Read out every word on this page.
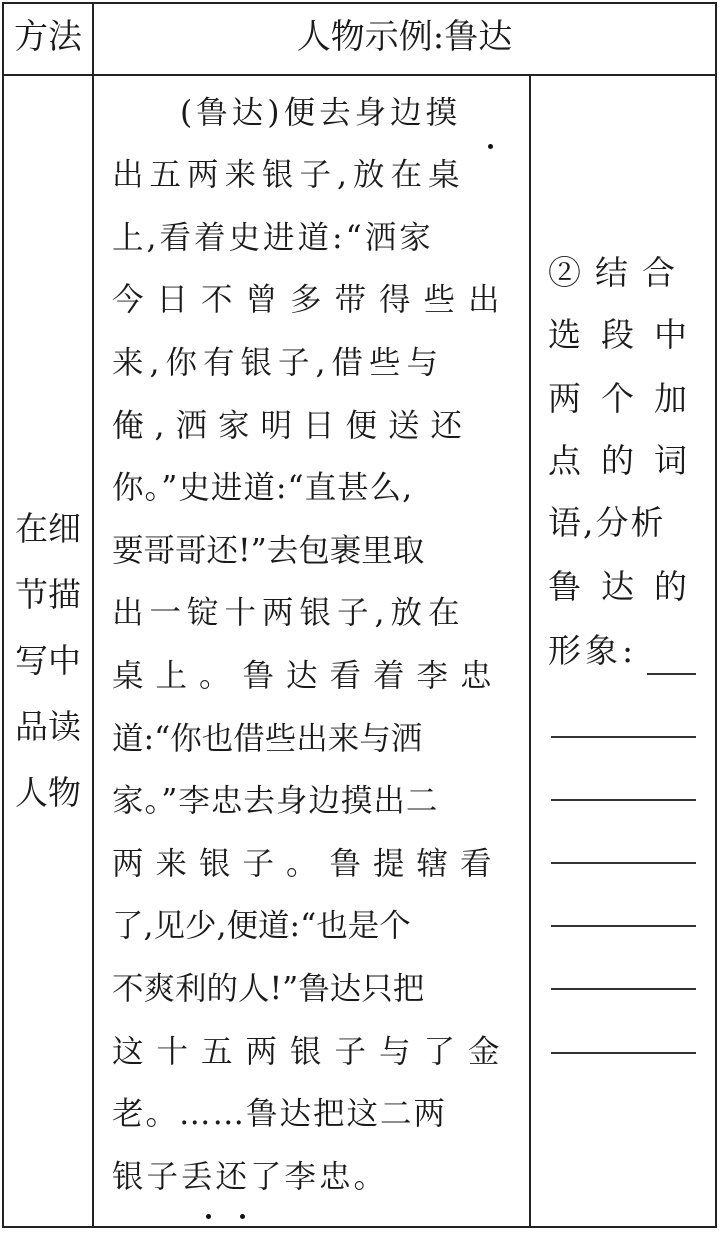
方法	人物示例:鲁达
在细
节描
写中
品读
人物
(鲁达)便去身边摸
出五两来银子,放在桌
上,看着史进道:“洒家
今日不曾多带得些出
来,你有银子,借些与
俺,洒家明日便送还
你。”史进道:“直甚么,
要哥哥还!”去包裹里取
出一锭十两银子,放在
桌上。鲁达看着李忠
道:“你也借些出来与洒
家。”李忠去身边摸出二
两来银子。鲁提辖看
了,见少,便道:“也是个
不爽利的人!”鲁达只把
这十五两银子与了金
老。……鲁达把这二两
银子丢还了李忠。
②结合
选段中
两个加
点的词
语,分析
鲁达的
形象:
